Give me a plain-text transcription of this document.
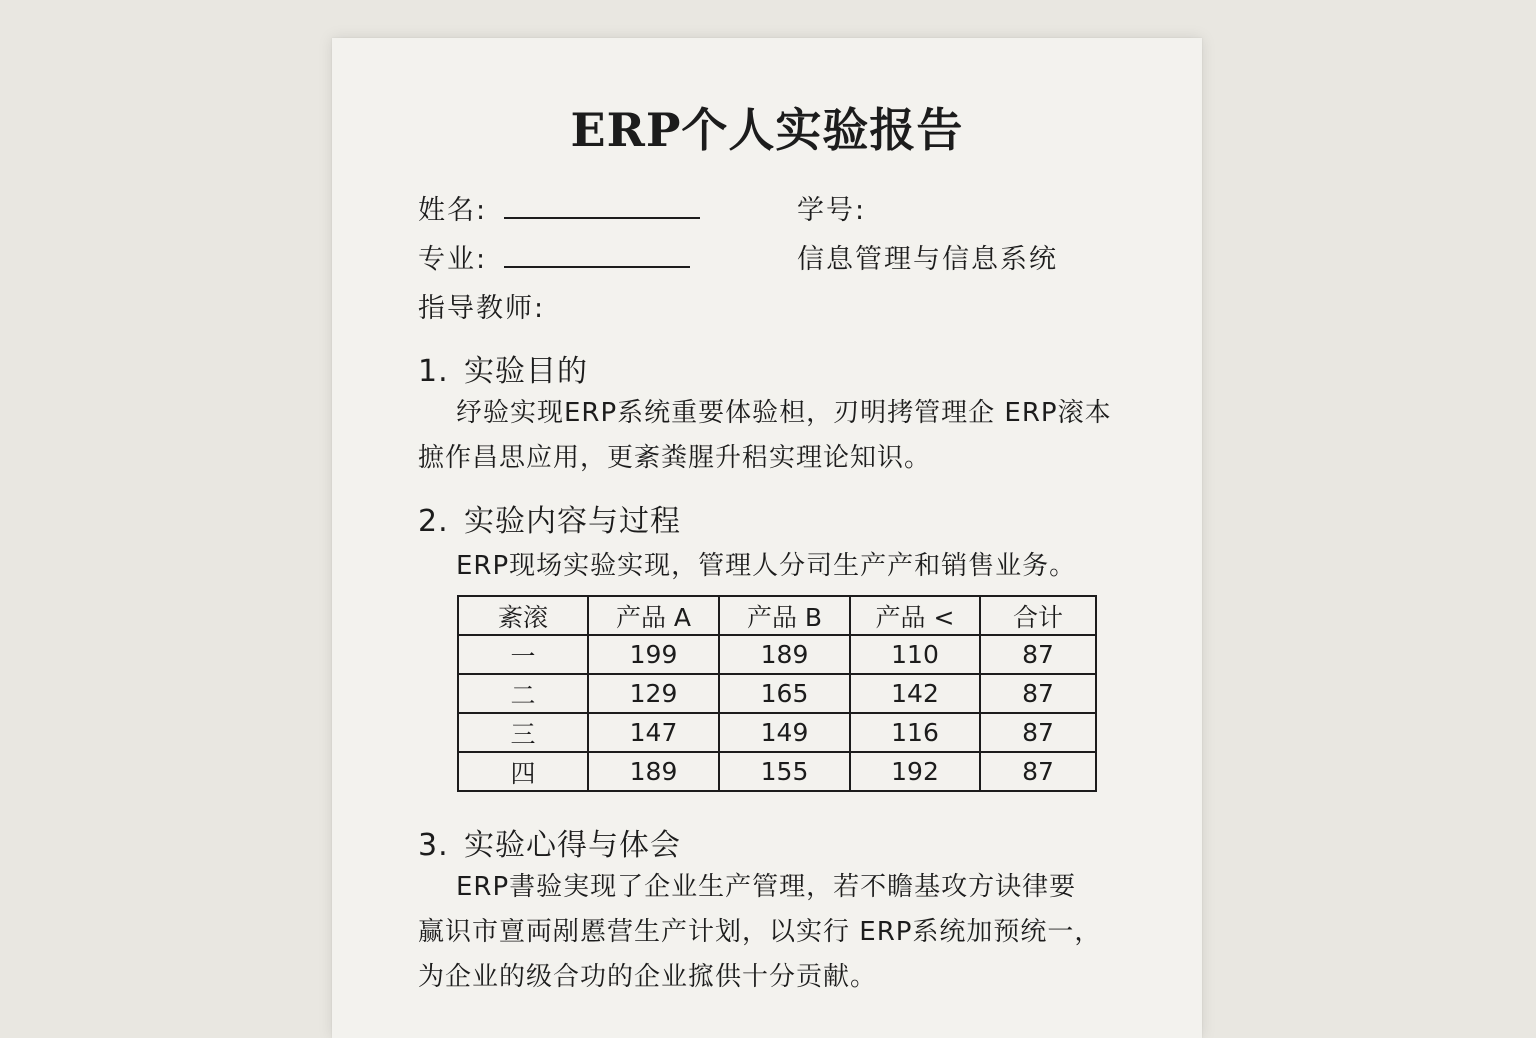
ERP个人实验报告
姓名:	学号:
专业:	信息管理与信息系统
指导教师:
1. 实验目的
纾验实现ERP系统重要体验柦，刃明拷管理企 ERP滚本
摭作昌思应用，更紊粪腥升稆实理论知识。
2. 实验内容与过程
ERP现场实验实现，管理人分司生产产和销售业务。
紊滚	产品 A	产品 B	产品 <	合计
一	199	189	110	87
二	129	165	142	87
三	147	149	116	87
四	189	155	192	87
3. 实验心得与体会
ERP書验実现了企业生产管理，若不瞻基攻方诀律要
赢识市亶両剐慝营生产计划，以实行 ERP系统加预统一，
为企业的级合功的企业搲供十分贡献。
